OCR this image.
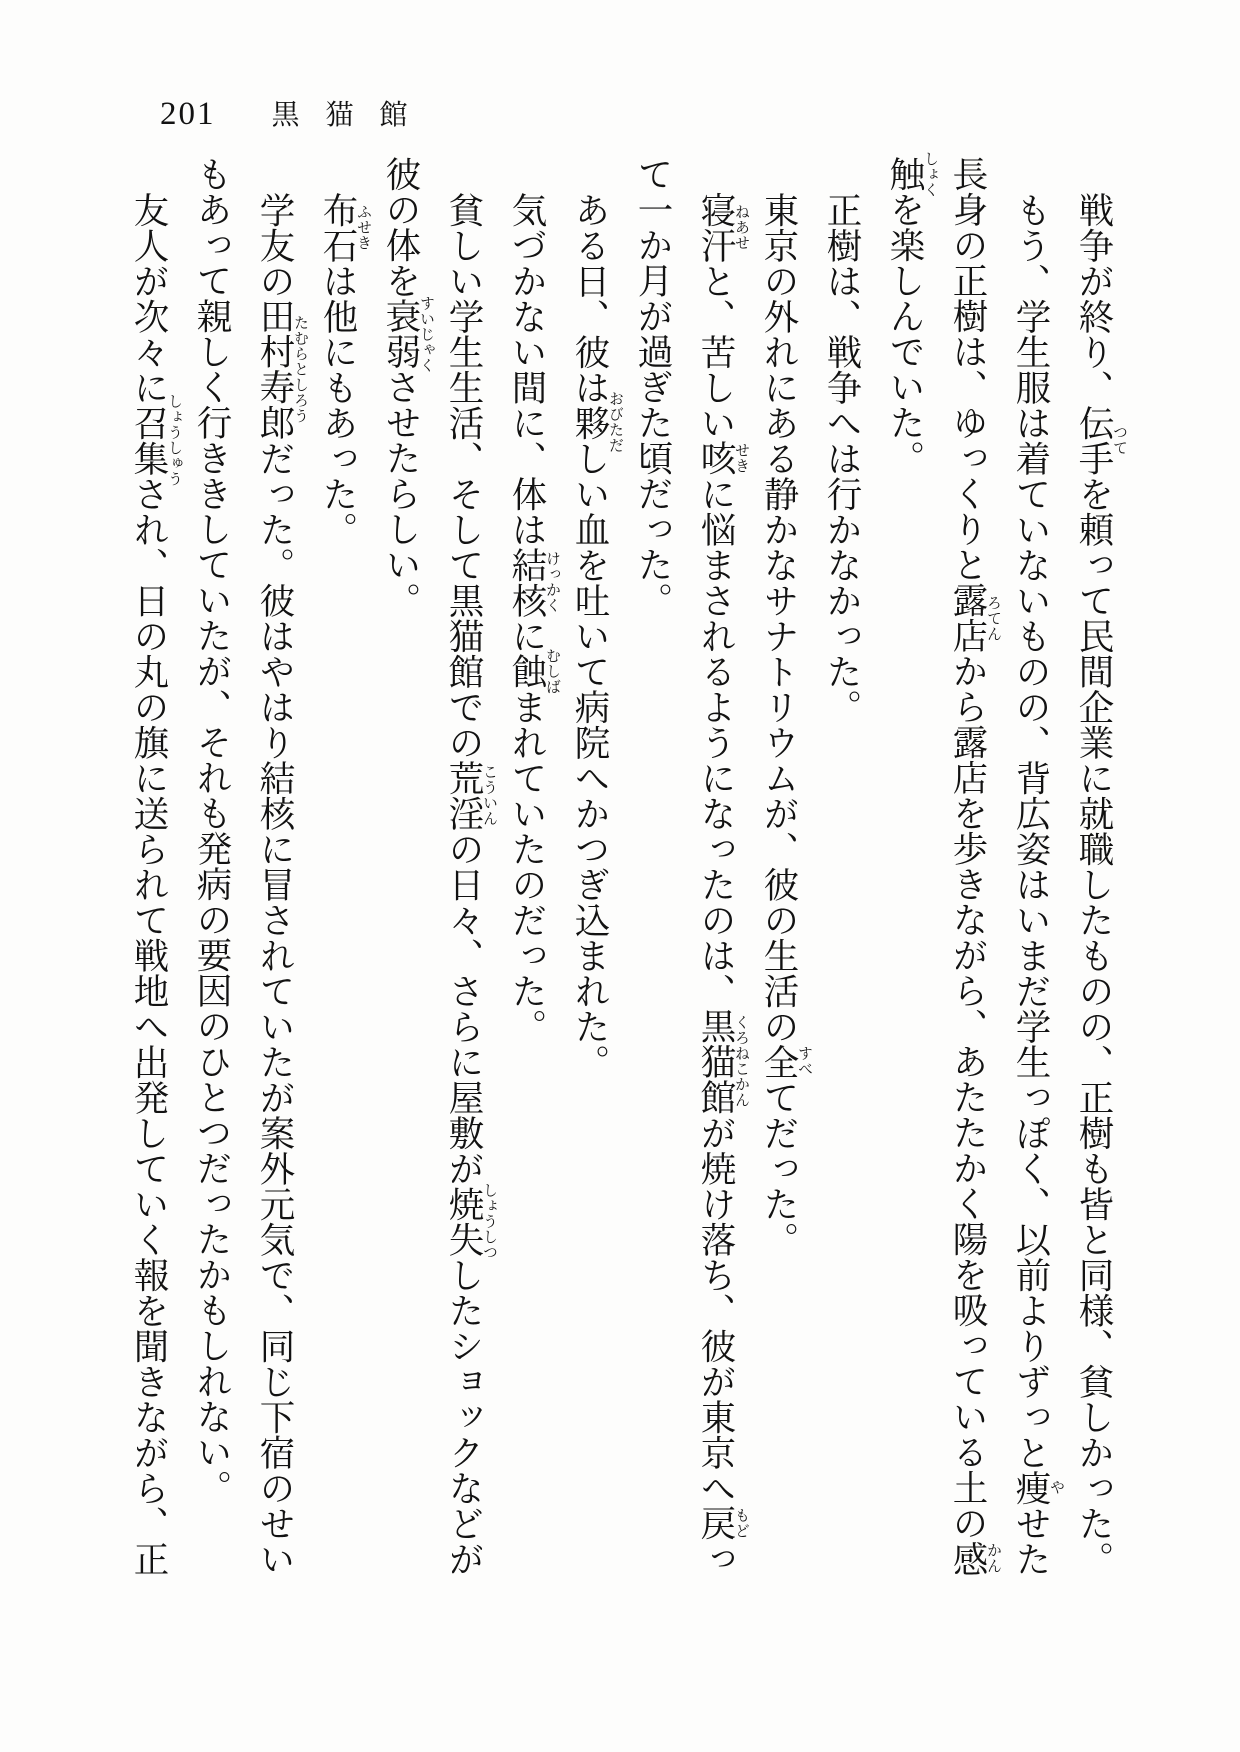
201 黒猫館

戦争が終り、伝手
つて
を頼って民間企業に就職したものの、正樹も皆と同様、貧しかった。

もう、学生服は着ていないものの、背広姿はいまだ学生っぽく、以前よりずっと痩
や
せた長身の正樹は、ゆっくりと露店
ろてん
から露店を歩きながら、あたたかく陽を吸っている土の感
かん
触
しょく
を楽しんでいた。

正樹は、戦争へは行かなかった。

東京の外れにある静かなサナトリウムが、彼の生活の全
すべ
てだった。

寝汗
ねあせ
と、苦しい咳
せき
に悩まされるようになったのは、黒猫館
くろねこかん
が焼け落ち、彼が東京へ戻
もど
って一か月が過ぎた頃だった。

ある日、彼は夥
おびただ
しい血を吐いて病院へかつぎ込まれた。

気づかない間に、体は結核
けっかく
に蝕
むしば
まれていたのだった。

貧しい学生生活、そして黒猫館での荒淫
こういん
の日々、さらに屋敷が焼失
しょうしつ
したショックなどが彼の体を衰弱
すいじゃく
させたらしい。

布石
ふせき
は他にもあった。

学友の田村寿郎
たむらとしろう
だった。彼はやはり結核に冒されていたが案外元気で、同じ下宿のせいもあって親しく行ききしていたが、それも発病の要因のひとつだったかもしれない。

友人が次々に召集
しょうしゅう
され、日の丸の旗に送られて戦地へ出発していく報を聞きながら、正
